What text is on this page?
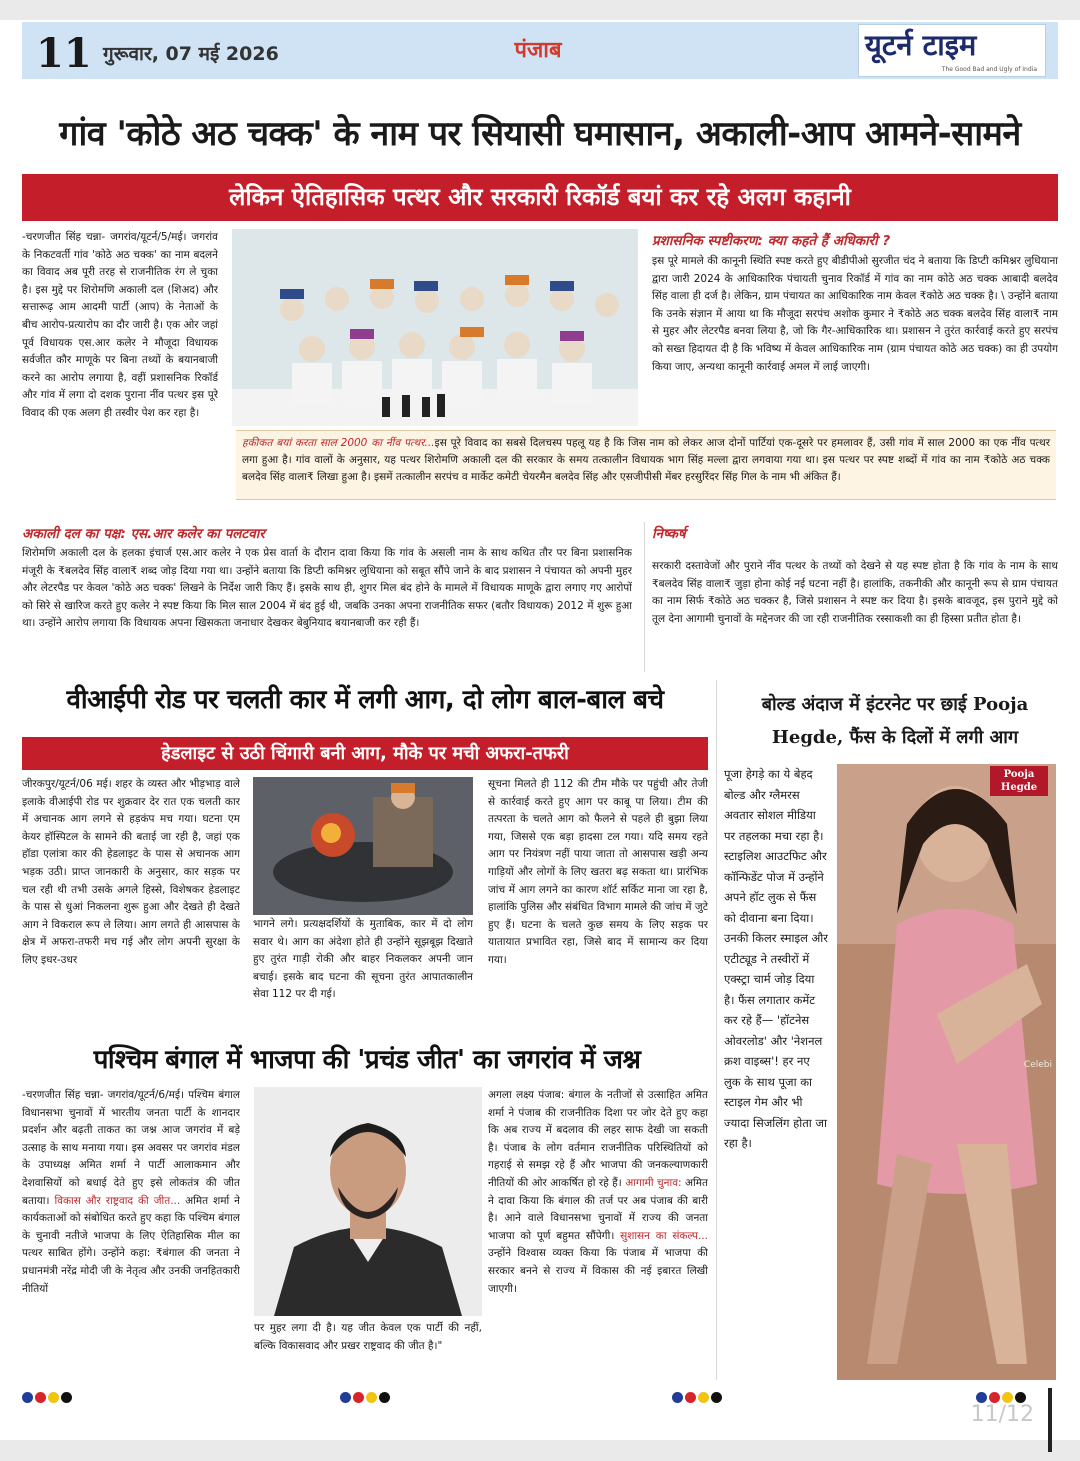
11 गुरूवार, 07 मई 2026	पंजाब	यूटर्न टाइम
The Good Bad and Ugly of India
गांव 'कोठे अठ चक्क' के नाम पर सियासी घमासान, अकाली-आप आमने-सामने
लेकिन ऐतिहासिक पत्थर और सरकारी रिकॉर्ड बयां कर रहे अलग कहानी
-चरणजीत सिंह चन्ना- जगरांव/यूटर्न/5/मई। जगरांव के निकटवर्ती गांव 'कोठे अठ चक्क' का नाम बदलने का विवाद अब पूरी तरह से राजनीतिक रंग ले चुका है। इस मुद्दे पर शिरोमणि अकाली दल (शिअद) और सत्तारूढ़ आम आदमी पार्टी (आप) के नेताओं के बीच आरोप-प्रत्यारोप का दौर जारी है। एक ओर जहां पूर्व विधायक एस.आर कलेर ने मौजूदा विधायक सर्वजीत कौर माणूके पर बिना तथ्यों के बयानबाजी करने का आरोप लगाया है, वहीं प्रशासनिक रिकॉर्ड और गांव में लगा दो दशक पुराना नींव पत्थर इस पूरे विवाद की एक अलग ही तस्वीर पेश कर रहा है।
प्रशासनिक स्पष्टीकरण: क्या कहते हैं अधिकारी ?
इस पूरे मामले की कानूनी स्थिति स्पष्ट करते हुए बीडीपीओ सुरजीत चंद ने बताया कि डिप्टी कमिश्नर लुधियाना द्वारा जारी 2024 के आधिकारिक पंचायती चुनाव रिकॉर्ड में गांव का नाम कोठे अठ चक्क आबादी बलदेव सिंह वाला ही दर्ज है। लेकिन, ग्राम पंचायत का आधिकारिक नाम केवल ₹कोठे अठ चक्क है। \ उन्होंने बताया कि उनके संज्ञान में आया था कि मौजूदा सरपंच अशोक कुमार ने ₹कोठे अठ चक्क बलदेव सिंह वाला₹ नाम से मुहर और लेटरपैड बनवा लिया है, जो कि गैर-आधिकारिक था। प्रशासन ने तुरंत कार्रवाई करते हुए सरपंच को सख्त हिदायत दी है कि भविष्य में केवल आधिकारिक नाम (ग्राम पंचायत कोठे अठ चक्क) का ही उपयोग किया जाए, अन्यथा कानूनी कार्रवाई अमल में लाई जाएगी।
हकीकत बयां करता साल 2000 का नींव पत्थर...इस पूरे विवाद का सबसे दिलचस्प पहलू यह है कि जिस नाम को लेकर आज दोनों पार्टियां एक-दूसरे पर हमलावर हैं, उसी गांव में साल 2000 का एक नींव पत्थर लगा हुआ है। गांव वालों के अनुसार, यह पत्थर शिरोमणि अकाली दल की सरकार के समय तत्कालीन विधायक भाग सिंह मल्ला द्वारा लगवाया गया था। इस पत्थर पर स्पष्ट शब्दों में गांव का नाम ₹कोठे अठ चक्क बलदेव सिंह वाला₹ लिखा हुआ है। इसमें तत्कालीन सरपंच व मार्केट कमेटी चेयरमैन बलदेव सिंह और एसजीपीसी मेंबर हरसुरिंदर सिंह गिल के नाम भी अंकित हैं।
अकाली दल का पक्ष: एस.आर कलेर का पलटवार
शिरोमणि अकाली दल के हलका इंचार्ज एस.आर कलेर ने एक प्रेस वार्ता के दौरान दावा किया कि गांव के असली नाम के साथ कथित तौर पर बिना प्रशासनिक मंजूरी के ₹बलदेव सिंह वाला₹ शब्द जोड़ दिया गया था। उन्होंने बताया कि डिप्टी कमिश्नर लुधियाना को सबूत सौंपे जाने के बाद प्रशासन ने पंचायत को अपनी मुहर और लेटरपैड पर केवल 'कोठे अठ चक्क' लिखने के निर्देश जारी किए हैं। इसके साथ ही, शुगर मिल बंद होने के मामले में विधायक माणूके द्वारा लगाए गए आरोपों को सिरे से खारिज करते हुए कलेर ने स्पष्ट किया कि मिल साल 2004 में बंद हुई थी, जबकि उनका अपना राजनीतिक सफर (बतौर विधायक) 2012 में शुरू हुआ था। उन्होंने आरोप लगाया कि विधायक अपना खिसकता जनाधार देखकर बेबुनियाद बयानबाजी कर रही हैं।
निष्कर्ष
सरकारी दस्तावेजों और पुराने नींव पत्थर के तथ्यों को देखने से यह स्पष्ट होता है कि गांव के नाम के साथ ₹बलदेव सिंह वाला₹ जुड़ा होना कोई नई घटना नहीं है। हालांकि, तकनीकी और कानूनी रूप से ग्राम पंचायत का नाम सिर्फ ₹कोठे अठ चक्कर है, जिसे प्रशासन ने स्पष्ट कर दिया है। इसके बावजूद, इस पुराने मुद्दे को तूल देना आगामी चुनावों के मद्देनजर की जा रही राजनीतिक रस्साकशी का ही हिस्सा प्रतीत होता है।
वीआईपी रोड पर चलती कार में लगी आग, दो लोग बाल-बाल बचे
हेडलाइट से उठी चिंगारी बनी आग, मौके पर मची अफरा-तफरी
जीरकपुर/यूटर्न/06 मई। शहर के व्यस्त और भीड़भाड़ वाले इलाके वीआईपी रोड पर शुक्रवार देर रात एक चलती कार में अचानक आग लगने से हड़कंप मच गया। घटना एम केयर हॉस्पिटल के सामने की बताई जा रही है, जहां एक हॉडा एलांत्रा कार की हेडलाइट के पास से अचानक आग भड़क उठी। प्राप्त जानकारी के अनुसार, कार सड़क पर चल रही थी तभी उसके अगले हिस्से, विशेषकर हेडलाइट के पास से धुआं निकलना शुरू हुआ और देखते ही देखते आग ने विकराल रूप ले लिया। आग लगते ही आसपास के क्षेत्र में अफरा-तफरी मच गई और लोग अपनी सुरक्षा के लिए इधर-उधर
भागने लगे। प्रत्यक्षदर्शियों के मुताबिक, कार में दो लोग सवार थे। आग का अंदेशा होते ही उन्होंने सूझबूझ दिखाते हुए तुरंत गाड़ी रोकी और बाहर निकलकर अपनी जान बचाई। इसके बाद घटना की सूचना तुरंत आपातकालीन सेवा 112 पर दी गई।
सूचना मिलते ही 112 की टीम मौके पर पहुंची और तेजी से कार्रवाई करते हुए आग पर काबू पा लिया। टीम की तत्परता के चलते आग को फैलने से पहले ही बुझा लिया गया, जिससे एक बड़ा हादसा टल गया। यदि समय रहते आग पर नियंत्रण नहीं पाया जाता तो आसपास खड़ी अन्य गाड़ियों और लोगों के लिए खतरा बढ़ सकता था। प्रारंभिक जांच में आग लगने का कारण शॉर्ट सर्किट माना जा रहा है, हालांकि पुलिस और संबंधित विभाग मामले की जांच में जुटे हुए हैं। घटना के चलते कुछ समय के लिए सड़क पर यातायात प्रभावित रहा, जिसे बाद में सामान्य कर दिया गया।
पश्चिम बंगाल में भाजपा की 'प्रचंड जीत' का जगरांव में जश्न
-चरणजीत सिंह चन्ना- जगरांव/यूटर्न/6/मई। पश्चिम बंगाल विधानसभा चुनावों में भारतीय जनता पार्टी के शानदार प्रदर्शन और बढ़ती ताकत का जश्न आज जगरांव में बड़े उत्साह के साथ मनाया गया। इस अवसर पर जगरांव मंडल के उपाध्यक्ष अमित शर्मा ने पार्टी आलाकमान और देशवासियों को बधाई देते हुए इसे लोकतंत्र की जीत बताया। विकास और राष्ट्रवाद की जीत... अमित शर्मा ने कार्यकताओं को संबोधित करते हुए कहा कि पश्चिम बंगाल के चुनावी नतीजे भाजपा के लिए ऐतिहासिक मील का पत्थर साबित होंगे। उन्होंने कहा: ₹बंगाल की जनता ने प्रधानमंत्री नरेंद्र मोदी जी के नेतृत्व और उनकी जनहितकारी नीतियों
पर मुहर लगा दी है। यह जीत केवल एक पार्टी की नहीं, बल्कि विकासवाद और प्रखर राष्ट्रवाद की जीत है।"
अगला लक्ष्य पंजाब: बंगाल के नतीजों से उत्साहित अमित शर्मा ने पंजाब की राजनीतिक दिशा पर जोर देते हुए कहा कि अब राज्य में बदलाव की लहर साफ देखी जा सकती है। पंजाब के लोग वर्तमान राजनीतिक परिस्थितियों को गहराई से समझ रहे हैं और भाजपा की जनकल्याणकारी नीतियों की ओर आकर्षित हो रहे हैं। आगामी चुनाव: अमित ने दावा किया कि बंगाल की तर्ज पर अब पंजाब की बारी है। आने वाले विधानसभा चुनावों में राज्य की जनता भाजपा को पूर्ण बहुमत सौंपेगी। सुशासन का संकल्प... उन्होंने विश्वास व्यक्त किया कि पंजाब में भाजपा की सरकार बनने से राज्य में विकास की नई इबारत लिखी जाएगी।
बोल्ड अंदाज में इंटरनेट पर छाई Pooja Hegde, फैंस के दिलों में लगी आग
पूजा हेगड़े का ये बेहद बोल्ड और ग्लैमरस अवतार सोशल मीडिया पर तहलका मचा रहा है। स्टाइलिश आउटफिट और कॉन्फिडेंट पोज में उन्होंने अपने हॉट लुक से फैंस को दीवाना बना दिया। उनकी किलर स्माइल और एटीट्यूड ने तस्वीरों में एक्स्ट्रा चार्म जोड़ दिया है। फैंस लगातार कमेंट कर रहे हैं— 'हॉटनेस ओवरलोड' और 'नेशनल क्रश वाइब्स'! हर नए लुक के साथ पूजा का स्टाइल गेम और भी ज्यादा सिजलिंग होता जा रहा है।
Pooja Hegde
Celebi
11/12
